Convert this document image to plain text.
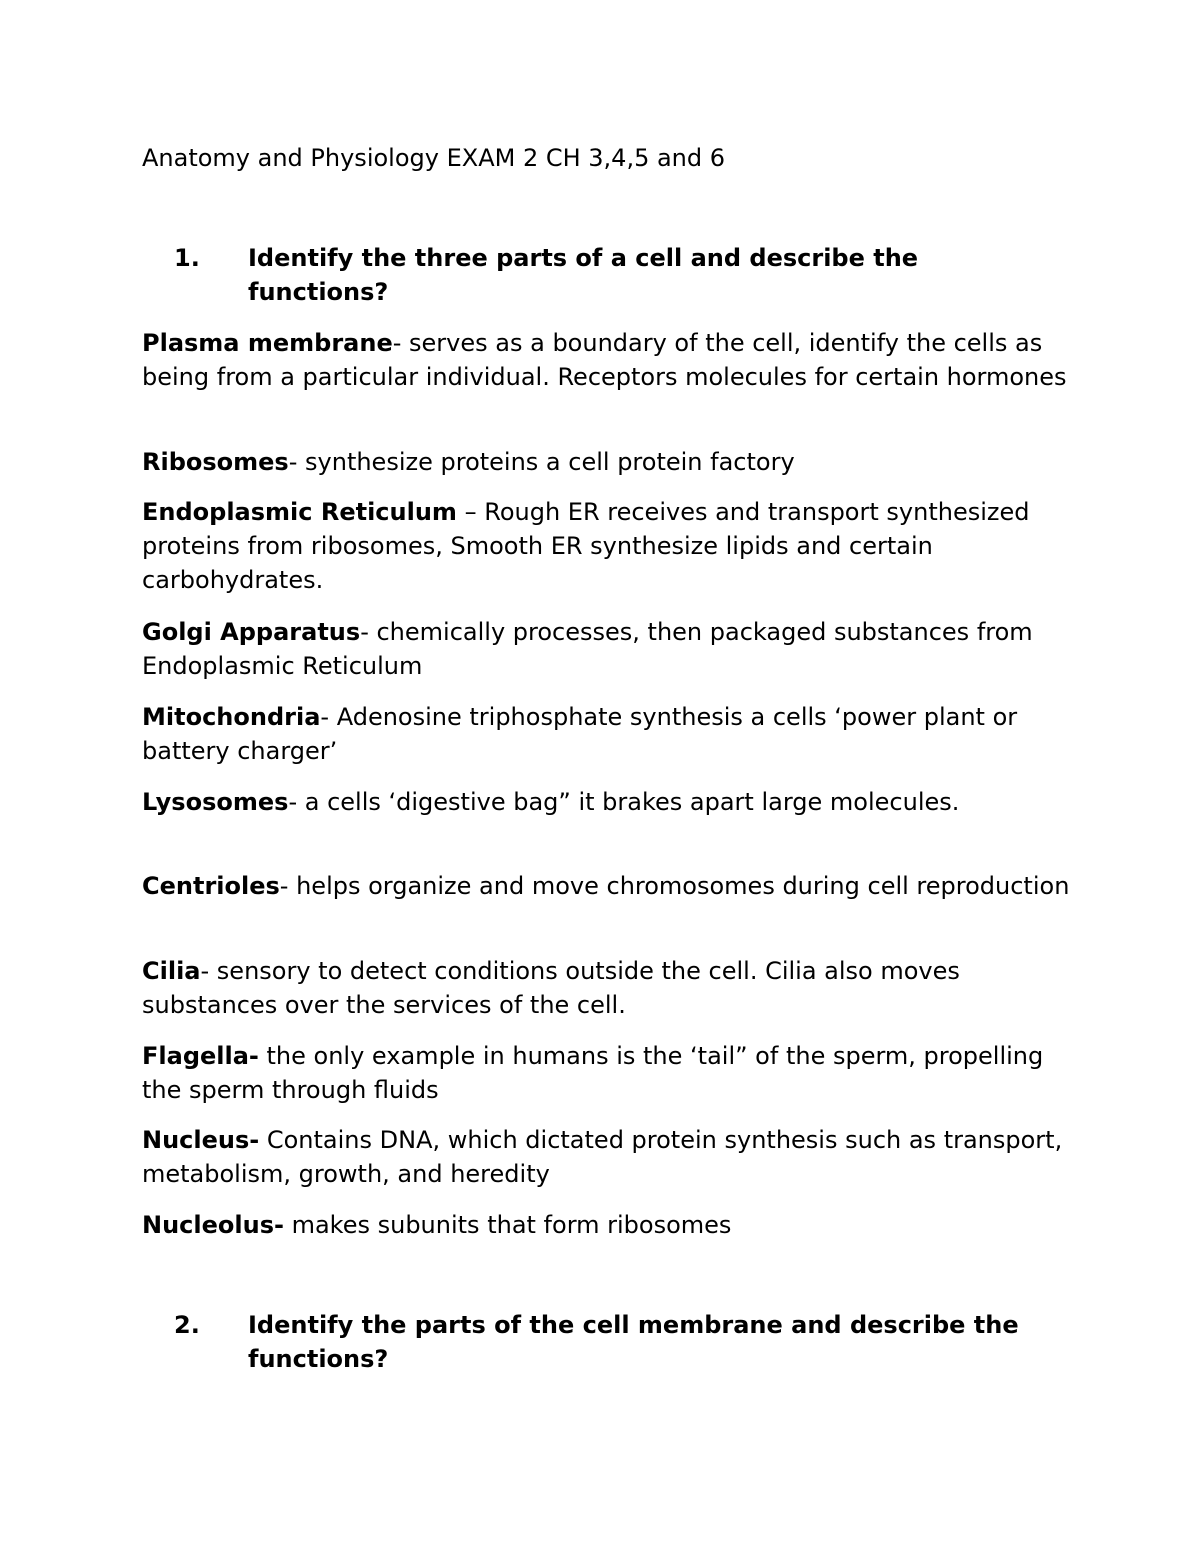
Anatomy and Physiology EXAM 2 CH 3,4,5 and 6

1. Identify the three parts of a cell and describe the functions?

Plasma membrane- serves as a boundary of the cell, identify the cells as being from a particular individual. Receptors molecules for certain hormones

Ribosomes- synthesize proteins a cell protein factory

Endoplasmic Reticulum – Rough ER receives and transport synthesized proteins from ribosomes, Smooth ER synthesize lipids and certain carbohydrates.

Golgi Apparatus- chemically processes, then packaged substances from Endoplasmic Reticulum

Mitochondria- Adenosine triphosphate synthesis a cells ‘power plant or battery charger’

Lysosomes- a cells ‘digestive bag” it brakes apart large molecules.

Centrioles- helps organize and move chromosomes during cell reproduction

Cilia- sensory to detect conditions outside the cell. Cilia also moves substances over the services of the cell.

Flagella- the only example in humans is the ‘tail” of the sperm, propelling the sperm through fluids

Nucleus- Contains DNA, which dictated protein synthesis such as transport, metabolism, growth, and heredity

Nucleolus- makes subunits that form ribosomes

2. Identify the parts of the cell membrane and describe the functions?
